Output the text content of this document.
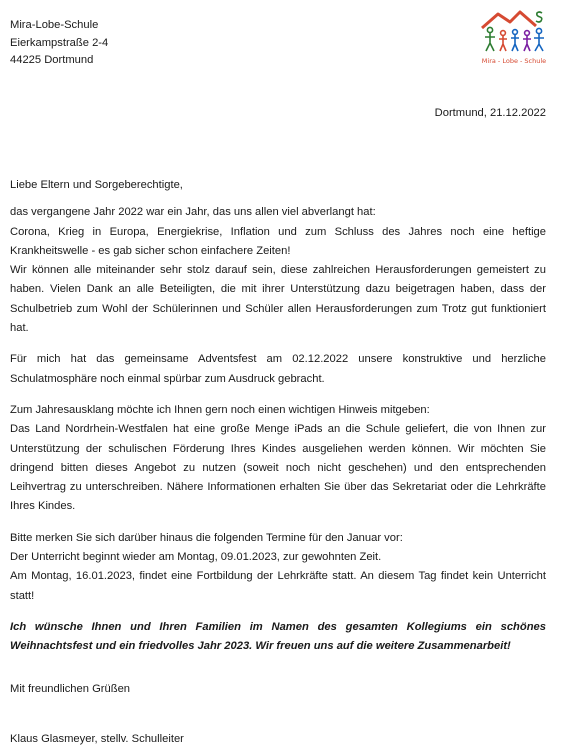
Mira-Lobe-Schule
Eierkampstraße 2-4
44225 Dortmund	Mira - Lobe - Schule
Dortmund, 21.12.2022

Liebe Eltern und Sorgeberechtigte,

das vergangene Jahr 2022 war ein Jahr, das uns allen viel abverlangt hat:

Corona, Krieg in Europa, Energiekrise, Inflation und zum Schluss des Jahres noch eine heftige Krankheitswelle - es gab sicher schon einfachere Zeiten!

Wir können alle miteinander sehr stolz darauf sein, diese zahlreichen Herausforderungen gemeistert zu haben. Vielen Dank an alle Beteiligten, die mit ihrer Unterstützung dazu beigetragen haben, dass der Schulbetrieb zum Wohl der Schülerinnen und Schüler allen Herausforderungen zum Trotz gut funktioniert hat.

Für mich hat das gemeinsame Adventsfest am 02.12.2022 unsere konstruktive und herzliche Schulatmosphäre noch einmal spürbar zum Ausdruck gebracht.

Zum Jahresausklang möchte ich Ihnen gern noch einen wichtigen Hinweis mitgeben:

Das Land Nordrhein-Westfalen hat eine große Menge iPads an die Schule geliefert, die von Ihnen zur Unterstützung der schulischen Förderung Ihres Kindes ausgeliehen werden können. Wir möchten Sie dringend bitten dieses Angebot zu nutzen (soweit noch nicht geschehen) und den entsprechenden Leihvertrag zu unterschreiben. Nähere Informationen erhalten Sie über das Sekretariat oder die Lehrkräfte Ihres Kindes.

Bitte merken Sie sich darüber hinaus die folgenden Termine für den Januar vor:

Der Unterricht beginnt wieder am Montag, 09.01.2023, zur gewohnten Zeit.

Am Montag, 16.01.2023, findet eine Fortbildung der Lehrkräfte statt. An diesem Tag findet kein Unterricht statt!

Ich wünsche Ihnen und Ihren Familien im Namen des gesamten Kollegiums ein schönes Weihnachtsfest und ein friedvolles Jahr 2023. Wir freuen uns auf die weitere Zusammenarbeit!

Mit freundlichen Grüßen

Klaus Glasmeyer, stellv. Schulleiter
